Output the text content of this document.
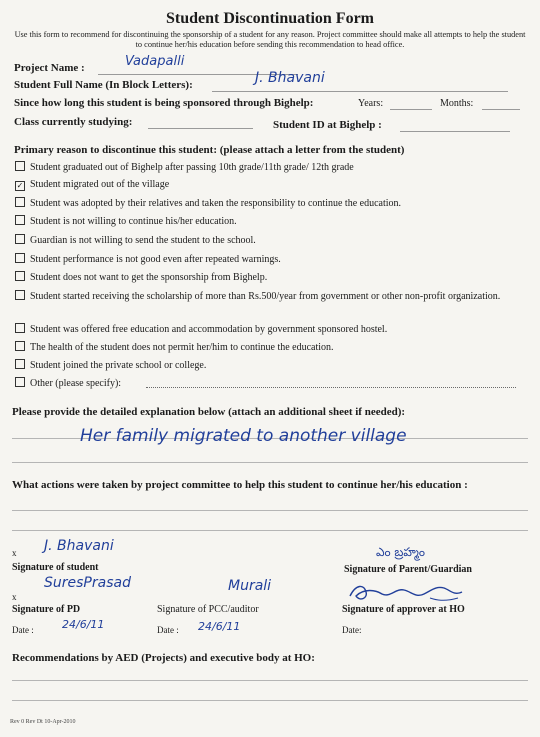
Student Discontinuation Form
Use this form to recommend for discontinuing the sponsorship of a student for any reason. Project committee should make all attempts to help the student to continue her/his education before sending this recommendation to head office.
Project Name :	Vadapalli
Student Full Name (In Block Letters):	J. Bhavani
Since how long this student is being sponsored through Bighelp:	Years:	Months:
Class currently studying:	Student ID at Bighelp :
Primary reason to discontinue this student: (please attach a letter from the student)
Student graduated out of Bighelp after passing 10th grade/11th grade/ 12th grade
✓ Student migrated out of the village
Student was adopted by their relatives and taken the responsibility to continue the education.
Student is not willing to continue his/her education.
Guardian is not willing to send the student to the school.
Student performance is not good even after repeated warnings.
Student does not want to get the sponsorship from Bighelp.
Student started receiving the scholarship of more than Rs.500/year from government or other non-profit organization.
Student was offered free education and accommodation by government sponsored hostel.
The health of the student does not permit her/him to continue the education.
Student joined the private school or college.
Other (please specify):
Please provide the detailed explanation below (attach an additional sheet if needed):
Her family migrated to another village
What actions were taken by project committee to help this student to continue her/his education :
x J. Bhavani
Signature of student
ఎం బ్రహ్మం
Signature of Parent/Guardian
x
SuresPrasad
Signature of PD
Date :	24/6/11
Murali
Signature of PCC/auditor
Date : 24/6/11
Signature of approver at HO
Date:
Recommendations by AED (Projects) and executive body at HO:
Rev 0 Rev Dt 10-Apr-2010
